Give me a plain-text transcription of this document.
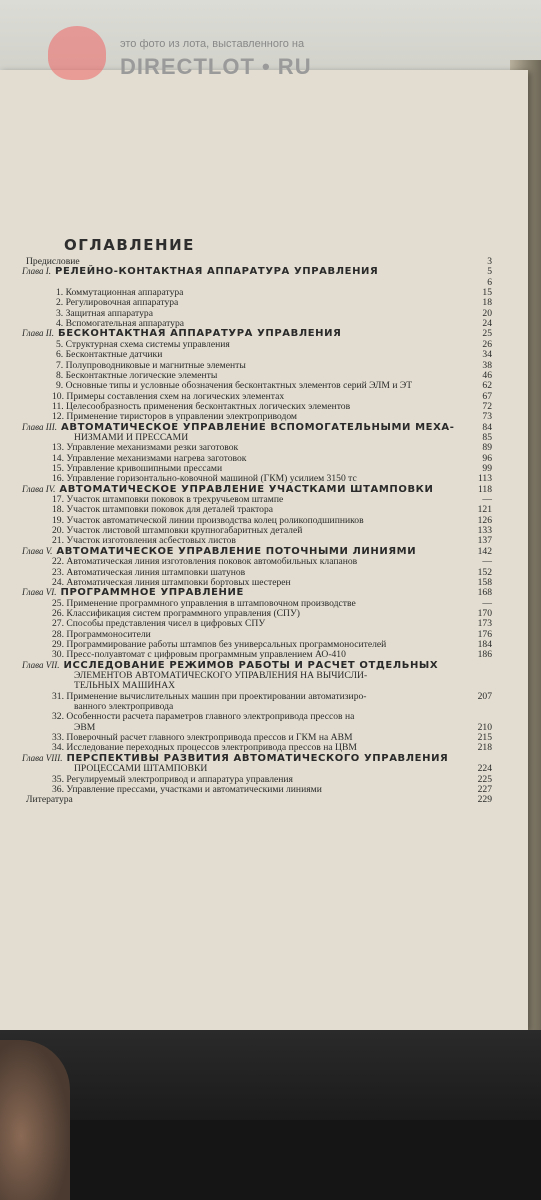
это фото из лота, выставленного на
DIRECTLOT • RU
ОГЛАВЛЕНИЕ
Предисловие	3
Глава I. РЕЛЕЙНО-КОНТАКТНАЯ АППАРАТУРА УПРАВЛЕНИЯ	5
6
1. Коммутационная аппаратура	15
2. Регулировочная аппаратура	18
3. Защитная аппаратура	20
4. Вспомогательная аппаратура	24
Глава II. БЕСКОНТАКТНАЯ АППАРАТУРА УПРАВЛЕНИЯ	25
5. Структурная схема системы управления	26
6. Бесконтактные датчики	34
7. Полупроводниковые и магнитные элементы	38
8. Бесконтактные логические элементы	46
9. Основные типы и условные обозначения бесконтактных элементов серий ЭЛМ и ЭТ	62
10. Примеры составления схем на логических элементах	67
11. Целесообразность применения бесконтактных логических элементов	72
12. Применение тиристоров в управлении электроприводом	73
Глава III. АВТОМАТИЧЕСКОЕ УПРАВЛЕНИЕ ВСПОМОГАТЕЛЬНЫМИ МЕХА-	84
НИЗМАМИ И ПРЕССАМИ	85
13. Управление механизмами резки заготовок	89
14. Управление механизмами нагрева заготовок	96
15. Управление кривошипными прессами	99
16. Управление горизонтально-ковочной машиной (ГКМ) усилием 3150 тс	113
Глава IV. АВТОМАТИЧЕСКОЕ УПРАВЛЕНИЕ УЧАСТКАМИ ШТАМПОВКИ	118
17. Участок штамповки поковок в трехручьевом штампе	—
18. Участок штамповки поковок для деталей трактора	121
19. Участок автоматической линии производства колец роликоподшипников	126
20. Участок листовой штамповки крупногабаритных деталей	133
21. Участок изготовления асбестовых листов	137
Глава V. АВТОМАТИЧЕСКОЕ УПРАВЛЕНИЕ ПОТОЧНЫМИ ЛИНИЯМИ	142
22. Автоматическая линия изготовления поковок автомобильных клапанов	—
23. Автоматическая линия штамповки шатунов	152
24. Автоматическая линия штамповки бортовых шестерен	158
Глава VI. ПРОГРАММНОЕ УПРАВЛЕНИЕ	168
25. Применение программного управления в штамповочном производстве	—
26. Классификация систем программного управления (СПУ)	170
27. Способы представления чисел в цифровых СПУ	173
28. Программоносители	176
29. Программирование работы штампов без универсальных программоносителей	184
30. Пресс-полуавтомат с цифровым программным управлением АО-410	186
Глава VII. ИССЛЕДОВАНИЕ РЕЖИМОВ РАБОТЫ И РАСЧЕТ ОТДЕЛЬНЫХ
ЭЛЕМЕНТОВ АВТОМАТИЧЕСКОГО УПРАВЛЕНИЯ НА ВЫЧИСЛИ-
ТЕЛЬНЫХ МАШИНАХ
31. Применение вычислительных машин при проектировании автоматизиро-	207
ванного электропривода
32. Особенности расчета параметров главного электропривода прессов на
ЭВМ	210
33. Поверочный расчет главного электропривода прессов и ГКМ на АВМ	215
34. Исследование переходных процессов электропривода прессов на ЦВМ	218
Глава VIII. ПЕРСПЕКТИВЫ РАЗВИТИЯ АВТОМАТИЧЕСКОГО УПРАВЛЕНИЯ
ПРОЦЕССАМИ ШТАМПОВКИ	224
35. Регулируемый электропривод и аппаратура управления	225
36. Управление прессами, участками и автоматическими линиями	227
Литература	229
